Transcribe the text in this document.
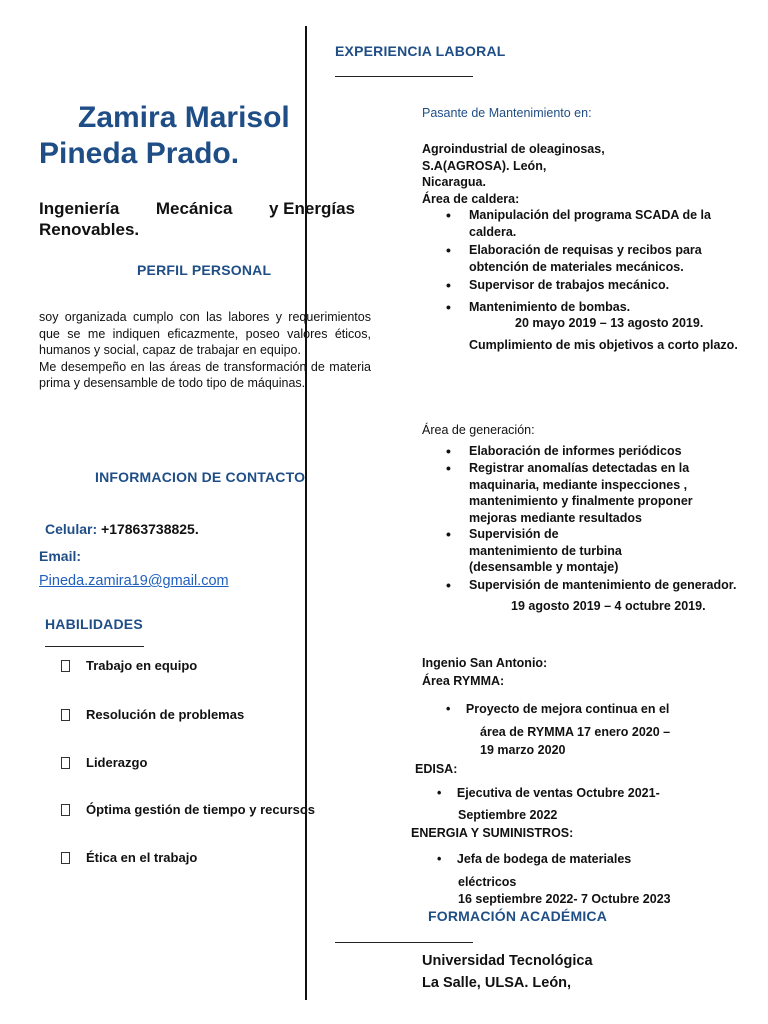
Zamira Marisol
Pineda Prado.
Ingeniería Mecánica y Energías
Renovables.
PERFIL PERSONAL
soy organizada cumplo con las labores y requerimientos que se me indiquen eficazmente, poseo valores éticos, humanos y social, capaz de trabajar en equipo.
Me desempeño en las áreas de transformación de materia prima y desensamble de todo tipo de máquinas.
INFORMACION DE CONTACTO
Celular: +17863738825.
Email:
Pineda.zamira19@gmail.com
HABILIDADES
Trabajo en equipo
Resolución de problemas
Liderazgo
Óptima gestión de tiempo y recursos
Ética en el trabajo
EXPERIENCIA LABORAL
Pasante de Mantenimiento en:
Agroindustrial de oleaginosas,
S.A(AGROSA). León,
Nicaragua.
Área de caldera:
• Manipulación del programa SCADA de la caldera.
• Elaboración de requisas y recibos para obtención de materiales mecánicos.
• Supervisor de trabajos mecánico.
• Mantenimiento de bombas.
20 mayo 2019 – 13 agosto 2019.
Cumplimiento de mis objetivos a corto plazo.
Área de generación:
• Elaboración de informes periódicos
• Registrar anomalías detectadas en la maquinaria, mediante inspecciones , mantenimiento y finalmente proponer mejoras mediante resultados
• Supervisión de mantenimiento de turbina (desensamble y montaje)
• Supervisión de mantenimiento de generador.
19 agosto 2019 – 4 octubre 2019.
Ingenio San Antonio:
Área RYMMA:
• Proyecto de mejora continua en el
área de RYMMA 17 enero 2020 –
19 marzo 2020
EDISA:
• Ejecutiva de ventas Octubre 2021-
Septiembre 2022
ENERGIA Y SUMINISTROS:
• Jefa de bodega de materiales
eléctricos
16 septiembre 2022- 7 Octubre 2023
FORMACIÓN ACADÉMICA
Universidad Tecnológica
La Salle, ULSA. León,
